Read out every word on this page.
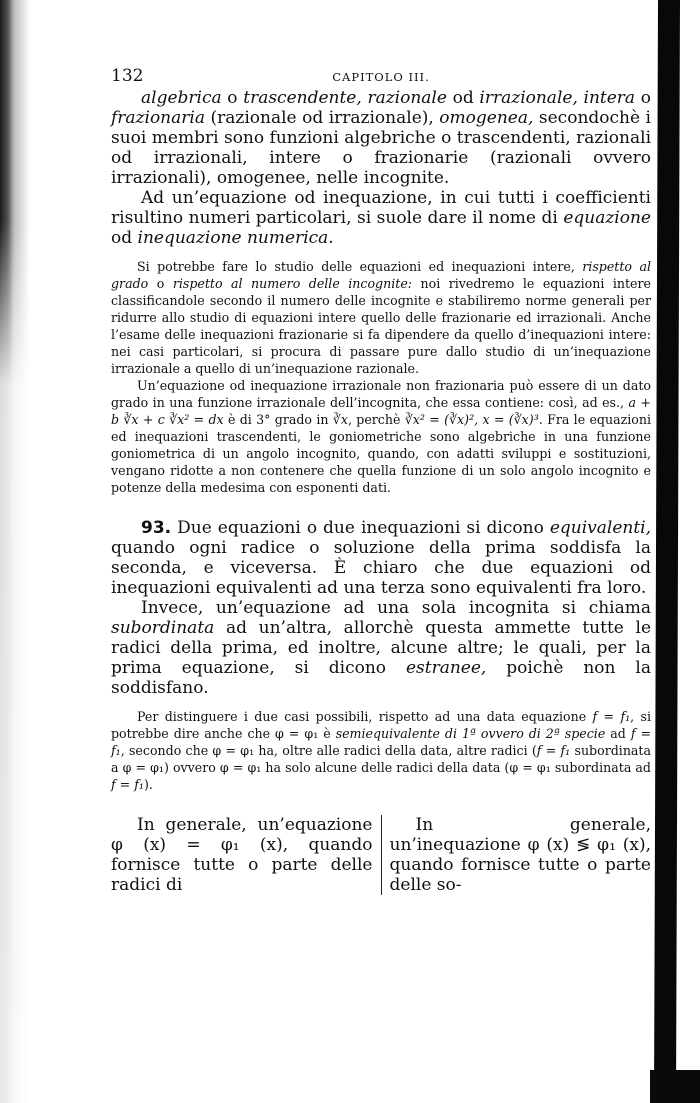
132	CAPITOLO III.

algebrica o trascendente, razionale od irrazionale, intera o frazionaria (razionale od irrazionale), omogenea, secondochè i suoi membri sono funzioni algebriche o trascendenti, razionali od irrazionali, intere o frazionarie (razionali ovvero irrazionali), omogenee, nelle incognite.

Ad un’equazione od inequazione, in cui tutti i coefficienti risultino numeri particolari, si suole dare il nome di equazione od inequazione numerica.

Si potrebbe fare lo studio delle equazioni ed inequazioni intere, rispetto al grado o rispetto al numero delle incognite: noi rivedremo le equazioni intere classificandole secondo il numero delle incognite e stabiliremo norme generali per ridurre allo studio di equazioni intere quello delle frazionarie ed irrazionali. Anche l’esame delle inequazioni frazionarie si fa dipendere da quello d’inequazioni intere: nei casi particolari, si procura di passare pure dallo studio di un’inequazione irrazionale a quello di un’inequazione razionale.

Un’equazione od inequazione irrazionale non frazionaria può essere di un dato grado in una funzione irrazionale dell’incognita, che essa contiene: così, ad es., a + b ∛x + c ∛x² = dx è di 3° grado in ∛x, perchè ∛x² = (∛x)², x = (∛x)³. Fra le equazioni ed inequazioni trascendenti, le goniometriche sono algebriche in una funzione goniometrica di un angolo incognito, quando, con adatti sviluppi e sostituzioni, vengano ridotte a non contenere che quella funzione di un solo angolo incognito e potenze della medesima con esponenti dati.

93. Due equazioni o due inequazioni si dicono equivalenti, quando ogni radice o soluzione della prima soddisfa la seconda, e viceversa. È chiaro che due equazioni od inequazioni equivalenti ad una terza sono equivalenti fra loro.

Invece, un’equazione ad una sola incognita si chiama subordinata ad un’altra, allorchè questa ammette tutte le radici della prima, ed inoltre, alcune altre; le quali, per la prima equazione, si dicono estranee, poichè non la soddisfano.

Per distinguere i due casi possibili, rispetto ad una data equazione f = f₁, si potrebbe dire anche che φ = φ₁ è semiequivalente di 1ª ovvero di 2ª specie ad f = f₁, secondo che φ = φ₁ ha, oltre alle radici della data, altre radici (f = f₁ subordinata a φ = φ₁) ovvero φ = φ₁ ha solo alcune delle radici della data (φ = φ₁ subordinata ad f = f₁).

In generale, un’equazione φ (x) = φ₁ (x), quando fornisce tutte o parte delle radici di
In generale, un’inequazione φ (x) ≶ φ₁ (x), quando fornisce tutte o parte delle so-
